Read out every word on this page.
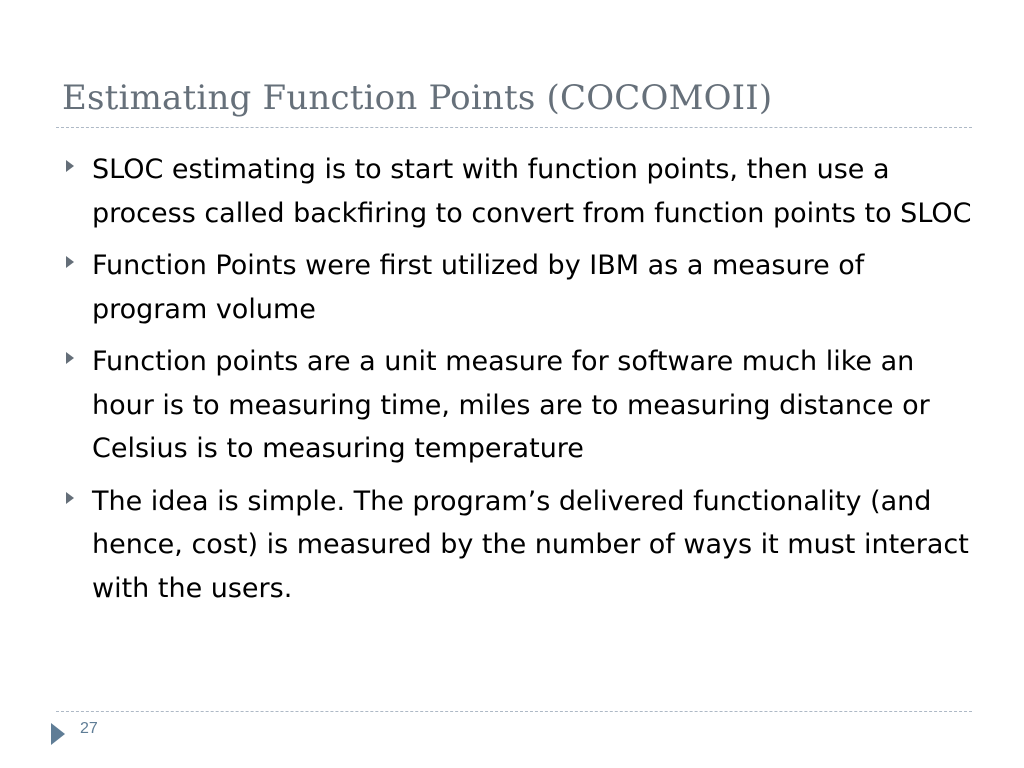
Estimating Function Points (COCOMOII)
SLOC estimating is to start with function points, then use a process called backfiring to convert from function points to SLOC
Function Points were first utilized by IBM as a measure of program volume
Function points are a unit measure for software much like an hour is to measuring time, miles are to measuring distance or Celsius is to measuring temperature
The idea is simple. The program’s delivered functionality (and hence, cost) is measured by the number of ways it must interact with the users.
27
